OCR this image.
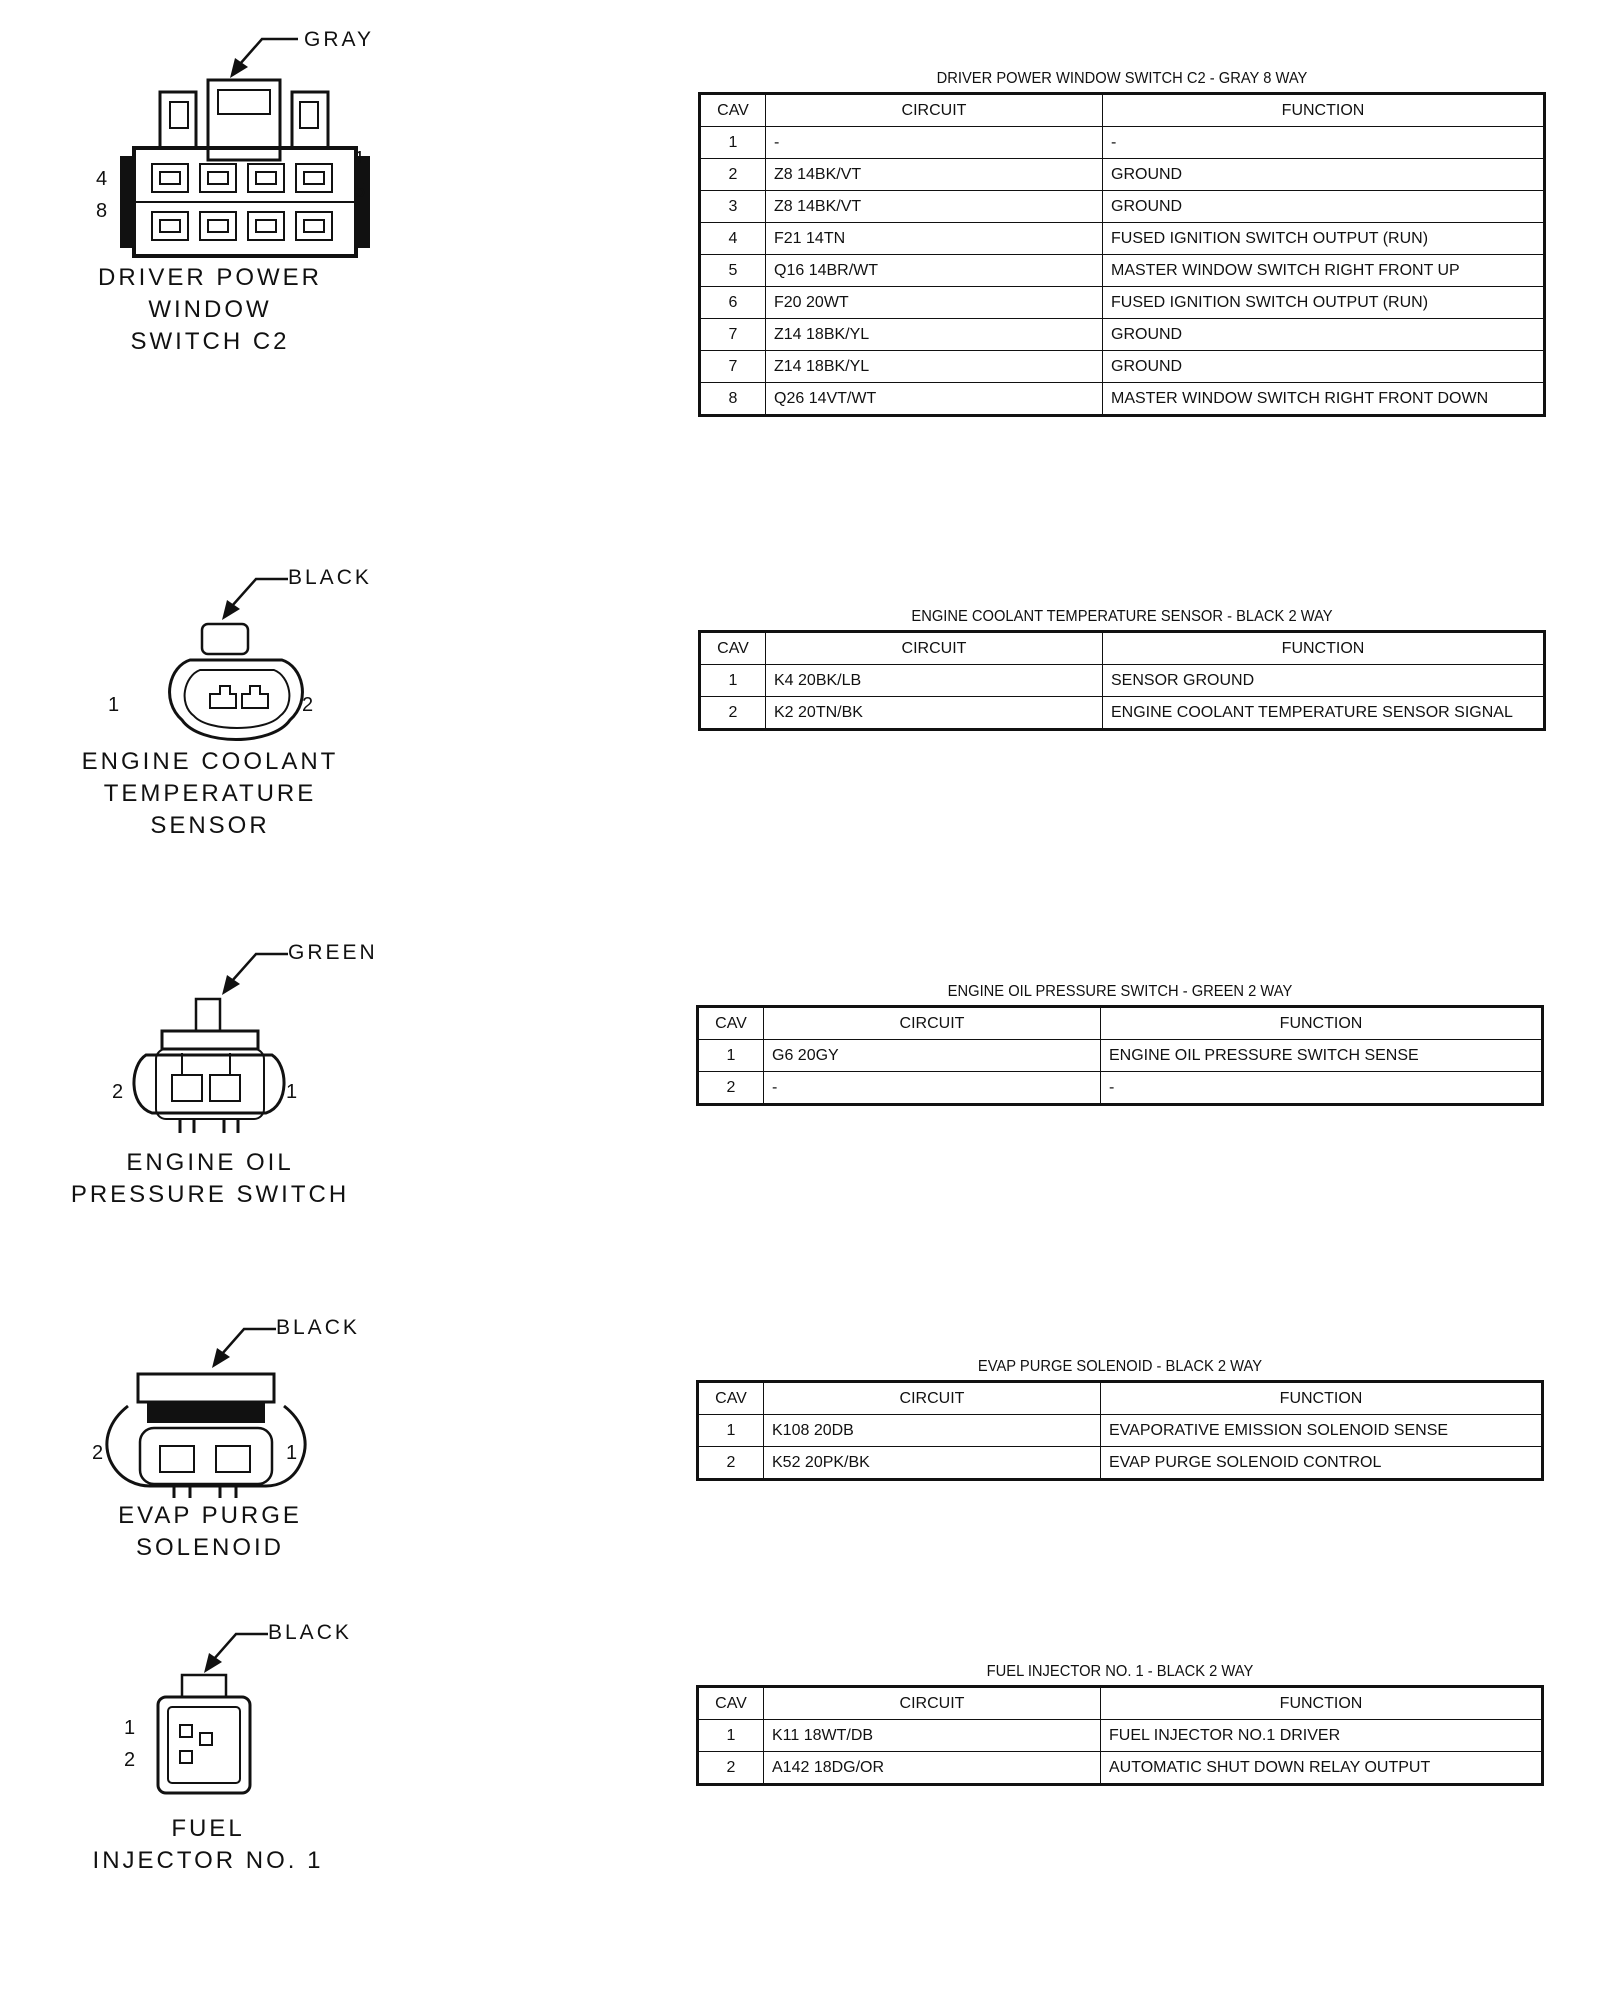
GRAY
4
8
1
5
DRIVER POWER
WINDOW
SWITCH C2
DRIVER POWER WINDOW SWITCH C2 - GRAY 8 WAY
CAV	CIRCUIT	FUNCTION
1	-	-
2	Z8 14BK/VT	GROUND
3	Z8 14BK/VT	GROUND
4	F21 14TN	FUSED IGNITION SWITCH OUTPUT (RUN)
5	Q16 14BR/WT	MASTER WINDOW SWITCH RIGHT FRONT UP
6	F20 20WT	FUSED IGNITION SWITCH OUTPUT (RUN)
7	Z14 18BK/YL	GROUND
7	Z14 18BK/YL	GROUND
8	Q26 14VT/WT	MASTER WINDOW SWITCH RIGHT FRONT DOWN
BLACK
1	2
ENGINE COOLANT
TEMPERATURE
SENSOR
ENGINE COOLANT TEMPERATURE SENSOR - BLACK 2 WAY
CAV	CIRCUIT	FUNCTION
1	K4 20BK/LB	SENSOR GROUND
2	K2 20TN/BK	ENGINE COOLANT TEMPERATURE SENSOR SIGNAL
GREEN
2	1
ENGINE OIL
PRESSURE SWITCH
ENGINE OIL PRESSURE SWITCH - GREEN 2 WAY
CAV	CIRCUIT	FUNCTION
1	G6 20GY	ENGINE OIL PRESSURE SWITCH SENSE
2	-	-
BLACK
2	1
EVAP PURGE
SOLENOID
EVAP PURGE SOLENOID - BLACK 2 WAY
CAV	CIRCUIT	FUNCTION
1	K108 20DB	EVAPORATIVE EMISSION SOLENOID SENSE
2	K52 20PK/BK	EVAP PURGE SOLENOID CONTROL
BLACK
1
2
FUEL
INJECTOR NO. 1
FUEL INJECTOR NO. 1 - BLACK 2 WAY
CAV	CIRCUIT	FUNCTION
1	K11 18WT/DB	FUEL INJECTOR NO.1 DRIVER
2	A142 18DG/OR	AUTOMATIC SHUT DOWN RELAY OUTPUT
